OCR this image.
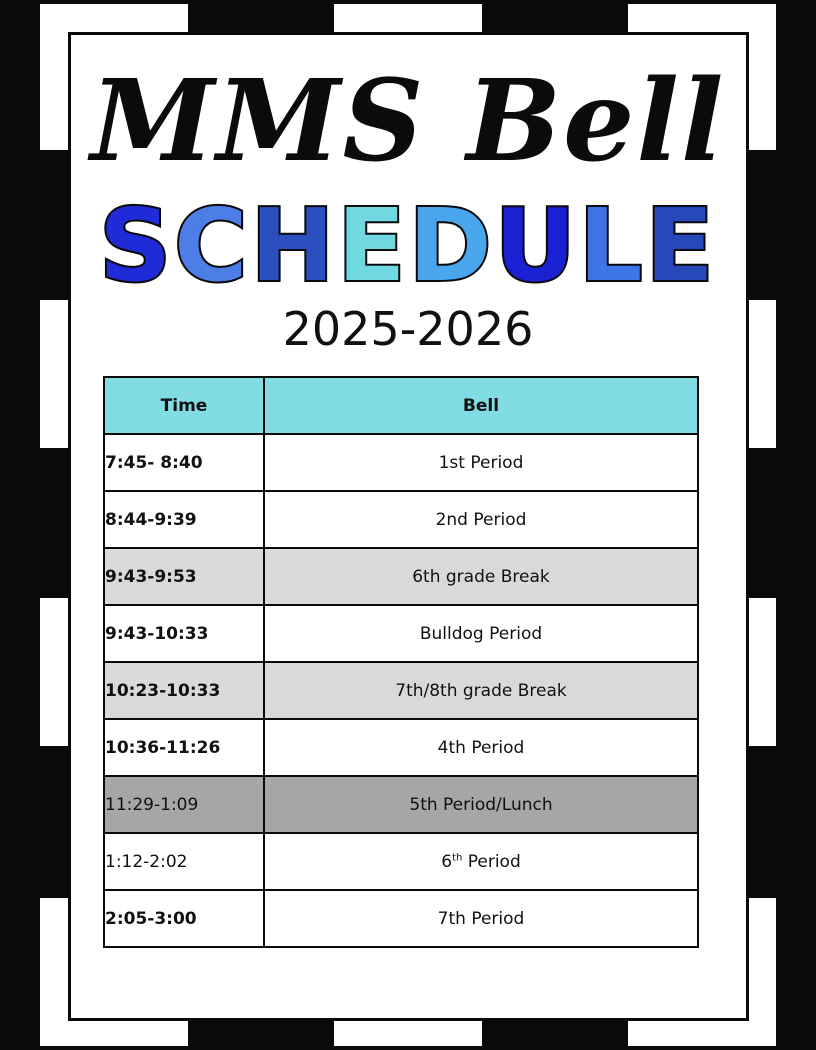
MMS Bell
SCHEDULE
2025-2026
Time	Bell
7:45- 8:40	1st Period
8:44-9:39	2nd Period
9:43-9:53	6th grade Break
9:43-10:33	Bulldog Period
10:23-10:33	7th/8th grade Break
10:36-11:26	4th Period
11:29-1:09	5th Period/Lunch
1:12-2:02	6th Period
2:05-3:00	7th Period
